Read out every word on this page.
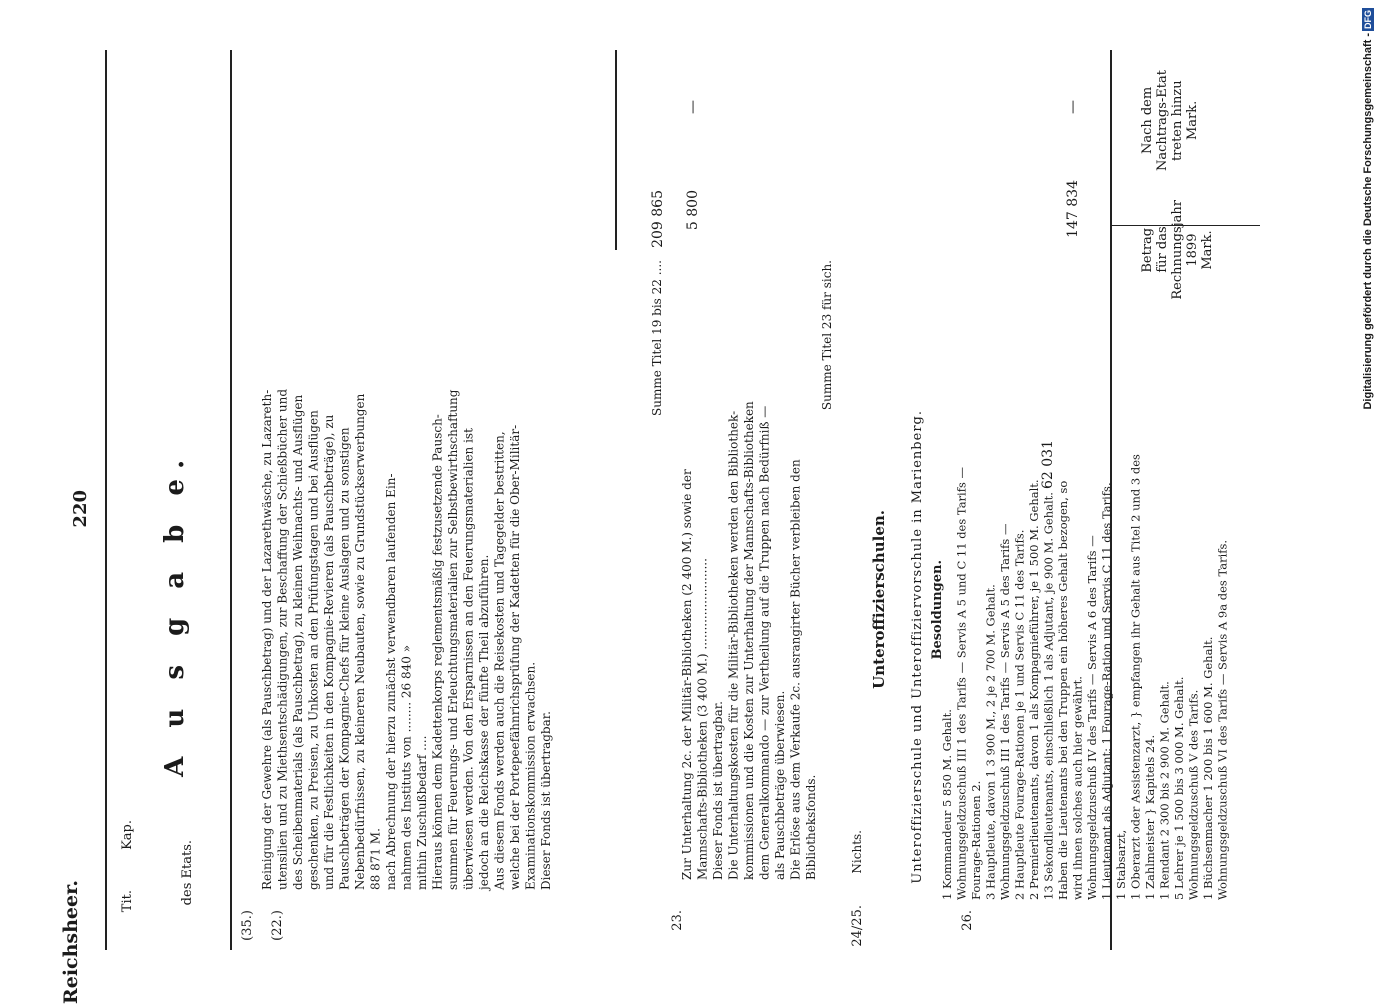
Reichsheer.
220
Kap.
Tit.	des Etats.
Nach dem Nachtrags-Etat treten hinzu Mark.
Betrag für das Rechnungsjahr 1899 Mark.
A u s g a b e.
(35.) (22.)
Reinigung der Gewehre (als Pauschbetrag) und der Lazarethwäsche, zu Lazareth- utensilien und zu Miethsentschädigungen, zur Beschaffung der Schießbücher und des Scheibenmaterials (als Pauschbetrag), zu kleinen Weihnachts- und Ausflügen geschenken, zu Preisen, zu Unkosten an den Prüfungstagen und bei Ausflügen und für die Festlichkeiten in den Kompagnie-Revieren (als Pauschbeträge), zu Pauschbeträgen der Kompagnie-Chefs für kleine Auslagen und zu sonstigen Nebenbedürfnissen, zu kleineren Neubauten, sowie zu Grundstückserwerbungen 88 871 M. nach Abrechnung der hierzu zunächst verwendbaren laufenden Ein- nahmen des Instituts von ........ 26 840 » mithin Zuschußbedarf .... Hieraus können dem Kadettenkorps reglementsmäßig festzusetzende Pausch- summen für Feuerungs- und Erleuchtungsmaterialien zur Selbstbewirthschaftung überwiesen werden. Von den Ersparnissen an den Feuerungsmaterialien ist jedoch an die Reichskasse der fünfte Theil abzuführen. Aus diesem Fonds werden auch die Reisekosten und Tagegelder bestritten, welche bei der Portepeefähnrichsprüfung der Kadetten für die Ober-Militär- Examinationskommission erwachsen. Dieser Fonds ist übertragbar.
147 834
62 031
—
23.
Summe Titel 19 bis 22 ....
209 865
Zur Unterhaltung 2c. der Militär-Bibliotheken (2 400 M.) sowie der Mannschafts-Bibliotheken (3 400 M.) ........................ Dieser Fonds ist übertragbar. Die Unterhaltungskosten für die Militär-Bibliotheken werden den Bibliothek- kommissionen und die Kosten zur Unterhaltung der Mannschafts-Bibliotheken dem Generalkommando — zur Vertheilung auf die Truppen nach Bedürfniß — als Pauschbeträge überwiesen. Die Erlöse aus dem Verkaufe 2c. ausrangirter Bücher verbleiben den Bibliotheksfonds.
5 800
—
24/25.
Nichts.
Summe Titel 23 für sich.
26.
Unteroffizierschulen. Unteroffizierschule und Unteroffiziervorschule in Marienberg. Besoldungen.
1 Kommandeur 5 850 M. Gehalt. Wohnungsgeldzuschuß III 1 des Tarifs — Servis A 5 und C 11 des Tarifs — Fourage-Rationen 2. 3 Hauptleute, davon 1 3 900 M., 2 je 2 700 M. Gehalt. Wohnungsgeldzuschuß III 1 des Tarifs — Servis A 5 des Tarifs — 2 Hauptleute Fourage-Rationen je 1 und Servis C 11 des Tarifs. 2 Premierlieutenants, davon 1 als Kompagnieführer, je 1 500 M. Gehalt. 13 Sekondlieutenants, einschließlich 1 als Adjutant, je 900 M. Gehalt. Haben die Lieutenants bei den Truppen ein höheres Gehalt bezogen, so wird ihnen solches auch hier gewährt. Wohnungsgeldzuschuß IV des Tarifs — Servis A 6 des Tarifs — 1 Lieutenant als Adjutant: 1 Fourage-Ration und Servis C 11 des Tarifs. 1 Stabsarzt, 1 Oberarzt oder Assistenzarzt, } empfangen ihr Gehalt aus Titel 2 und 3 des 1 Zahlmeister } Kapitels 24. 1 Rendant 2 300 bis 2 900 M. Gehalt. 5 Lehrer je 1 500 bis 3 000 M. Gehalt. Wohnungsgeldzuschuß V des Tarifs. 1 Büchsenmacher 1 200 bis 1 600 M. Gehalt. Wohnungsgeldzuschuß VI des Tarifs — Servis A 9a des Tarifs.
Digitalisierung gefördert durch die Deutsche Forschungsgemeinschaft -DFG
